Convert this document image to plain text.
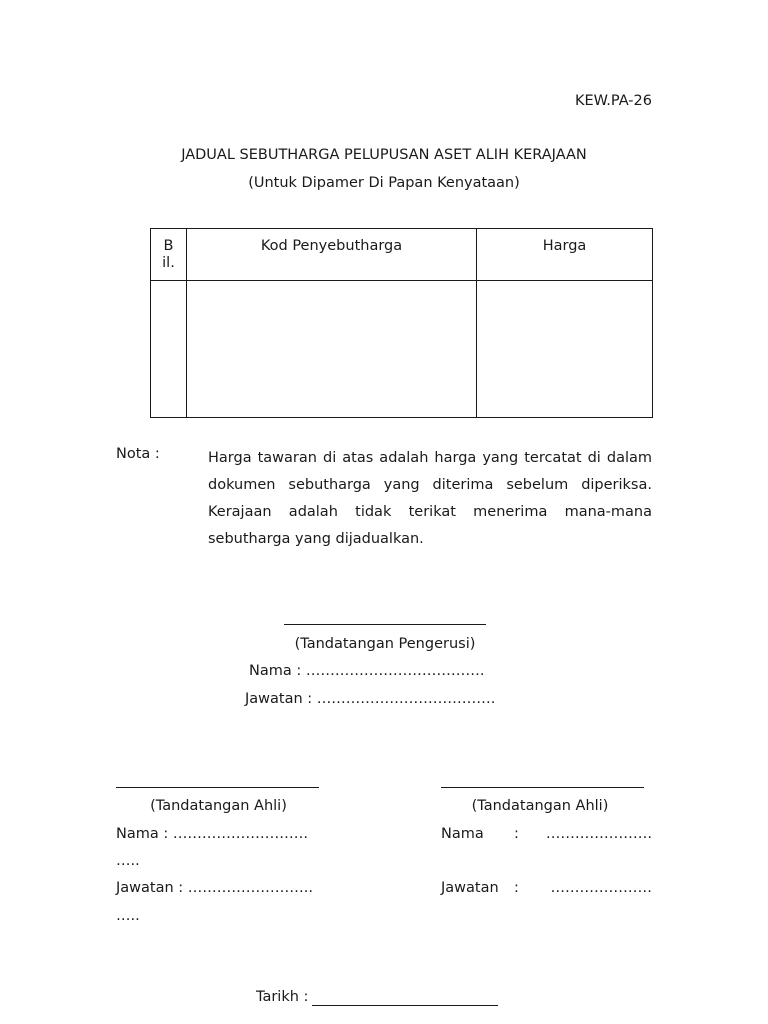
KEW.PA-26
JADUAL SEBUTHARGA PELUPUSAN ASET ALIH KERAJAAN
(Untuk Dipamer Di Papan Kenyataan)
B il.	Kod Penyebutharga	Harga

Nota :	Harga tawaran di atas adalah harga yang tercatat di dalam dokumen sebutharga yang diterima sebelum diperiksa. Kerajaan adalah tidak terikat menerima mana-mana sebutharga yang dijadualkan.
(Tandatangan Pengerusi)
Nama : ……………………………….
Jawatan : ……………………………….
(Tandatangan Ahli)
Nama : ……………………….
…..
Jawatan : ……………………..
…..
(Tandatangan Ahli)
Nama : ………………….
Jawatan : …………………
Tarikh :
